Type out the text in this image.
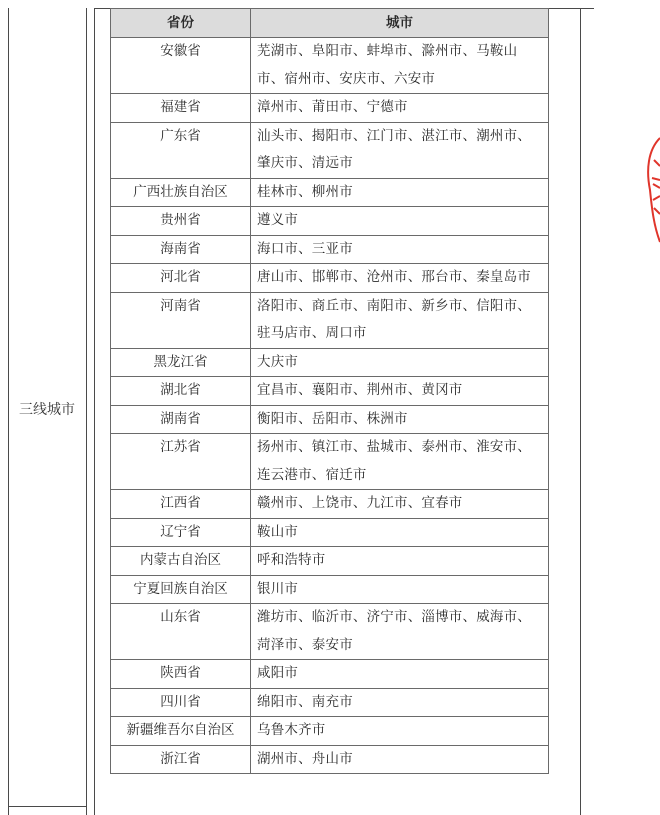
三线城市
省份	城市
安徽省	芜湖市、阜阳市、蚌埠市、滁州市、马鞍山市、宿州市、安庆市、六安市
福建省	漳州市、莆田市、宁德市
广东省	汕头市、揭阳市、江门市、湛江市、潮州市、肇庆市、清远市
广西壮族自治区	桂林市、柳州市
贵州省	遵义市
海南省	海口市、三亚市
河北省	唐山市、邯郸市、沧州市、邢台市、秦皇岛市
河南省	洛阳市、商丘市、南阳市、新乡市、信阳市、驻马店市、周口市
黑龙江省	大庆市
湖北省	宜昌市、襄阳市、荆州市、黄冈市
湖南省	衡阳市、岳阳市、株洲市
江苏省	扬州市、镇江市、盐城市、泰州市、淮安市、连云港市、宿迁市
江西省	赣州市、上饶市、九江市、宜春市
辽宁省	鞍山市
内蒙古自治区	呼和浩特市
宁夏回族自治区	银川市
山东省	潍坊市、临沂市、济宁市、淄博市、威海市、菏泽市、泰安市
陕西省	咸阳市
四川省	绵阳市、南充市
新疆维吾尔自治区	乌鲁木齐市
浙江省	湖州市、舟山市
